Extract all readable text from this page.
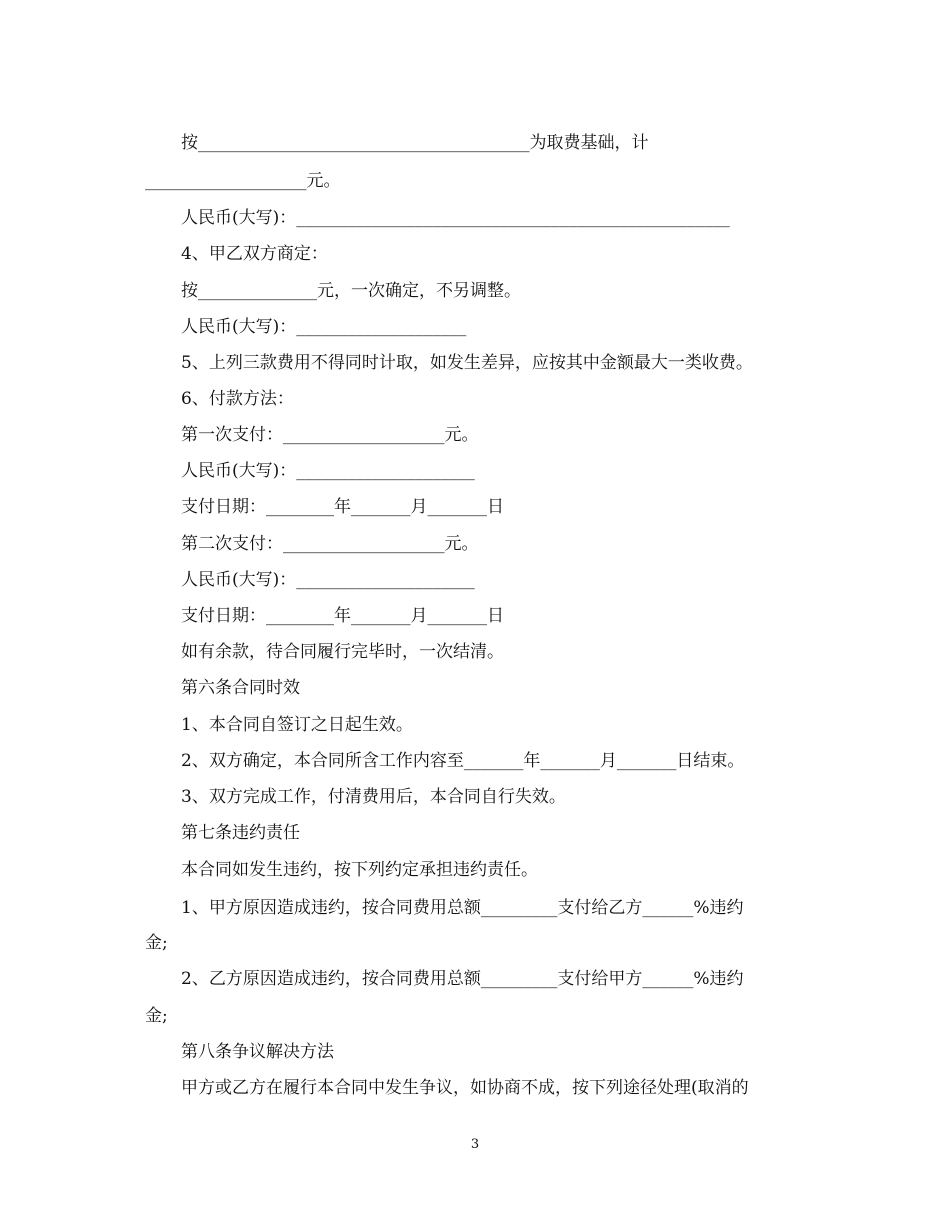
按_______________________________________为取费基础，计
___________________元。
人民币(大写)：___________________________________________________
4、甲乙双方商定：
按______________元，一次确定，不另调整。
人民币(大写)：____________________
5、上列三款费用不得同时计取，如发生差异，应按其中金额最大一类收费。
6、付款方法：
第一次支付：___________________元。
人民币(大写)：_____________________
支付日期：________年_______月_______日
第二次支付：___________________元。
人民币(大写)：_____________________
支付日期：________年_______月_______日
如有余款，待合同履行完毕时，一次结清。
第六条合同时效
1、本合同自签订之日起生效。
2、双方确定，本合同所含工作内容至_______年_______月_______日结束。
3、双方完成工作，付清费用后，本合同自行失效。
第七条违约责任
本合同如发生违约，按下列约定承担违约责任。
1、甲方原因造成违约，按合同费用总额_________支付给乙方______%违约
金;
2、乙方原因造成违约，按合同费用总额_________支付给甲方______%违约
金;
第八条争议解决方法
甲方或乙方在履行本合同中发生争议，如协商不成，按下列途径处理(取消的
3
